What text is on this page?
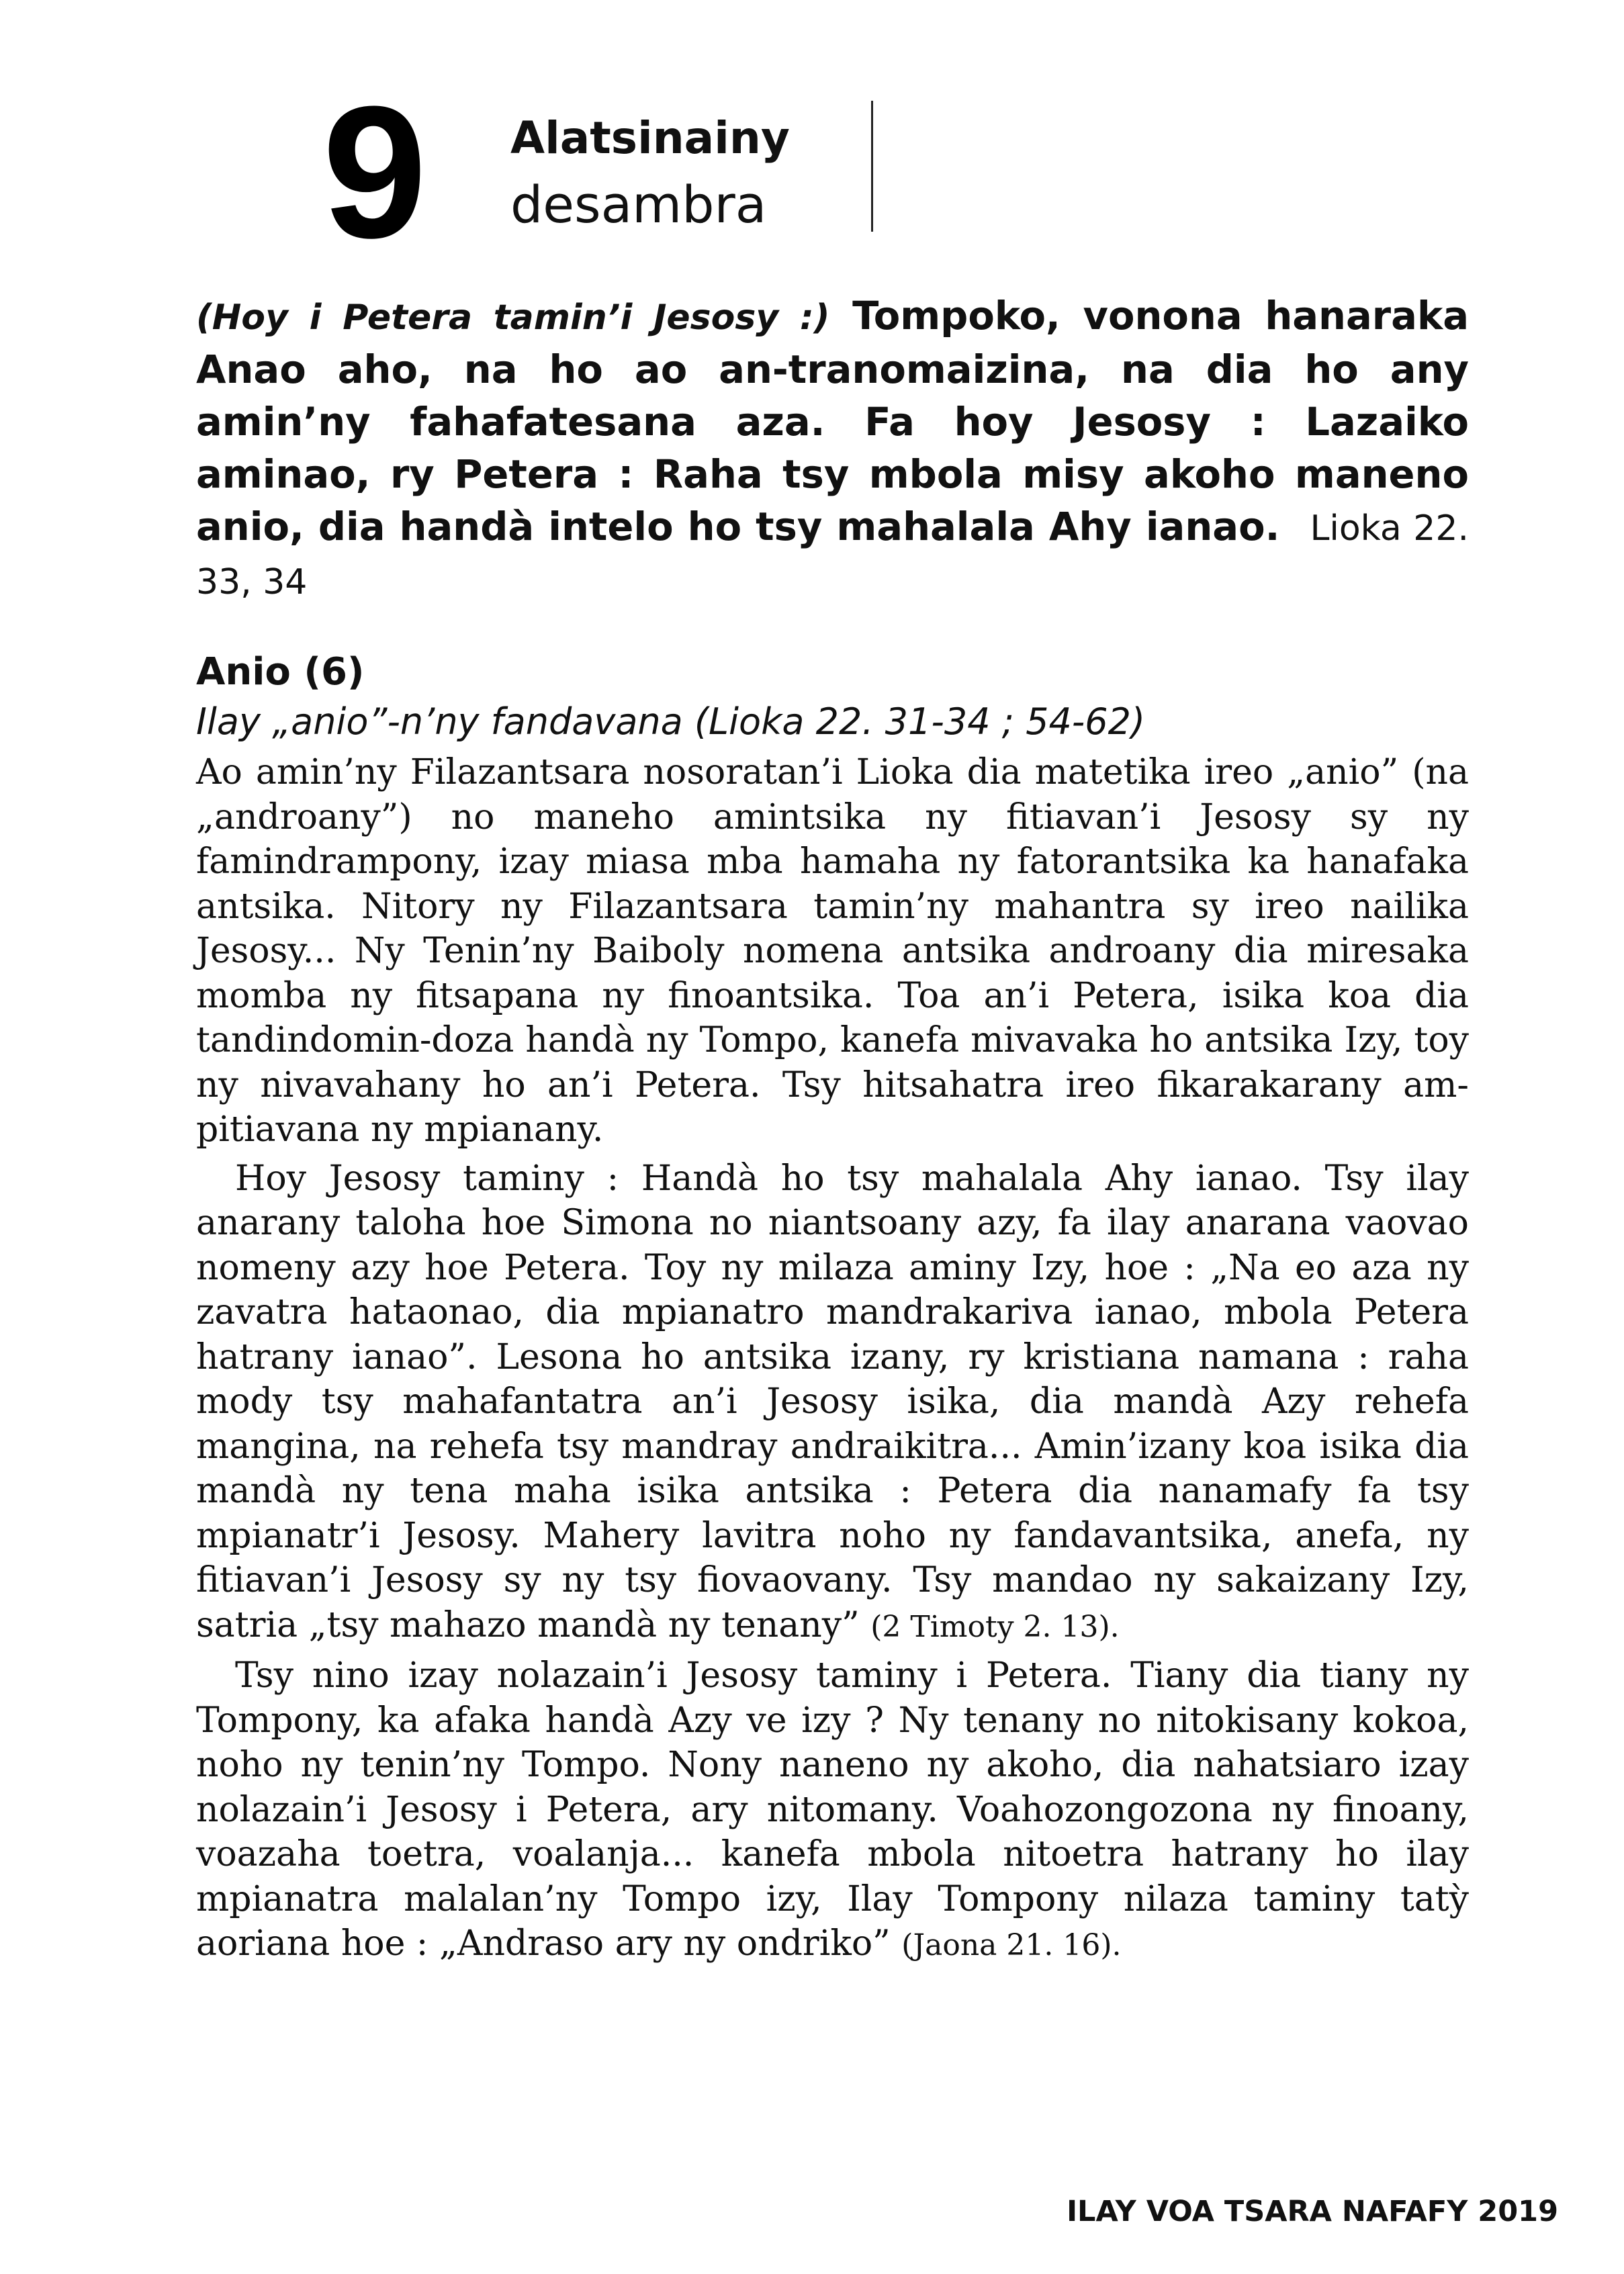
9 Alatsinainy
desambra
(Hoy i Petera tamin’i Jesosy :) Tompoko, vonona hanaraka Anao aho, na ho ao an-tranomaizina, na dia ho any amin’ny fahafatesana aza. Fa hoy Jesosy : Lazaiko aminao, ry Petera : Raha tsy mbola misy akoho maneno anio, dia handà intelo ho tsy mahalala Ahy ianao. Lioka 22. 33, 34
Anio (6)
Ilay „anio”-n’ny fandavana (Lioka 22. 31-34 ; 54-62)

Ao amin’ny Filazantsara nosoratan’i Lioka dia matetika ireo „anio” (na „androany”) no maneho amintsika ny fitiavan’i Jesosy sy ny famindrampony, izay miasa mba hamaha ny fatorantsika ka hanafaka antsika. Nitory ny Filazantsara tamin’ny mahantra sy ireo nailika Jesosy... Ny Tenin’ny Baiboly nomena antsika androany dia miresaka momba ny fitsapana ny finoantsika. Toa an’i Petera, isika koa dia tandindomin-doza handà ny Tompo, kanefa mivavaka ho antsika Izy, toy ny nivavahany ho an’i Petera. Tsy hitsahatra ireo fikarakarany am-pitiavana ny mpianany.

Hoy Jesosy taminy : Handà ho tsy mahalala Ahy ianao. Tsy ilay anarany taloha hoe Simona no niantsoany azy, fa ilay anarana vaovao nomeny azy hoe Petera. Toy ny milaza aminy Izy, hoe : „Na eo aza ny zavatra hataonao, dia mpianatro mandrakariva ianao, mbola Petera hatrany ianao”. Lesona ho antsika izany, ry kristiana namana : raha mody tsy mahafantatra an’i Jesosy isika, dia mandà Azy rehefa mangina, na rehefa tsy mandray andraikitra... Amin’izany koa isika dia mandà ny tena maha isika antsika : Petera dia nanamafy fa tsy mpianatr’i Jesosy. Mahery lavitra noho ny fandavantsika, anefa, ny fitiavan’i Jesosy sy ny tsy fiovaovany. Tsy mandao ny sakaizany Izy, satria „tsy mahazo mandà ny tenany” (2 Timoty 2. 13).

Tsy nino izay nolazain’i Jesosy taminy i Petera. Tiany dia tiany ny Tompony, ka afaka handà Azy ve izy ? Ny tenany no nitokisany kokoa, noho ny tenin’ny Tompo. Nony naneno ny akoho, dia nahatsiaro izay nolazain’i Jesosy i Petera, ary nitomany. Voahozongozona ny finoany, voazaha toetra, voalanja... kanefa mbola nitoetra hatrany ho ilay mpianatra malalan’ny Tompo izy, Ilay Tompony nilaza taminy tatỳ aoriana hoe : „Andraso ary ny ondriko” (Jaona 21. 16).

ILAY VOA TSARA NAFAFY 2019
